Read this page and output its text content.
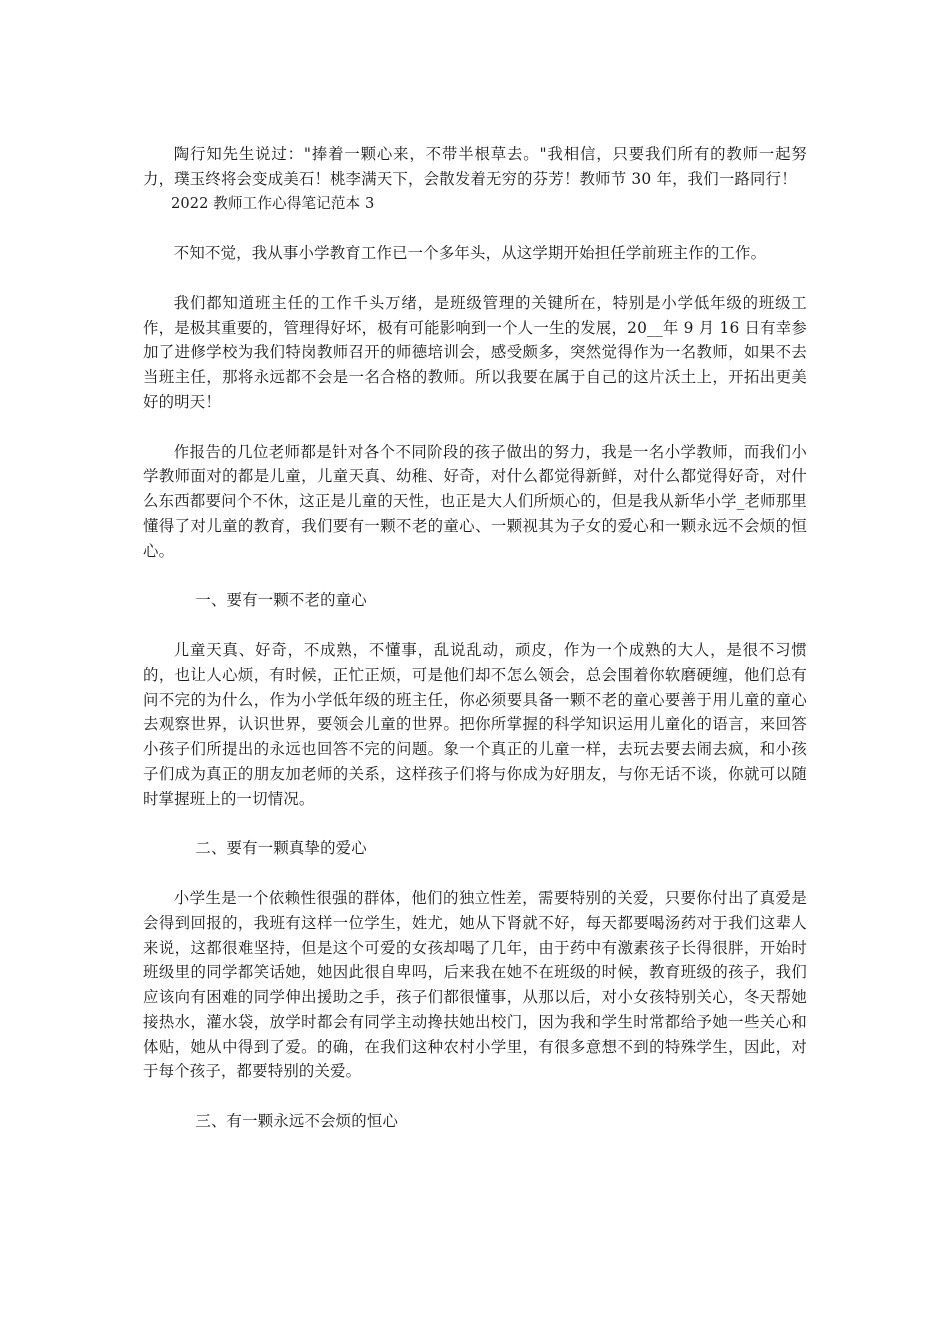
陶行知先生说过："捧着一颗心来，不带半根草去。"我相信，只要我们所有的教师一起努力，璞玉终将会变成美石！桃李满天下，会散发着无穷的芬芳！教师节 30 年，我们一路同行！

2022 教师工作心得笔记范本 3

不知不觉，我从事小学教育工作已一个多年头，从这学期开始担任学前班主作的工作。

我们都知道班主任的工作千头万绪，是班级管理的关键所在，特别是小学低年级的班级工作，是极其重要的，管理得好坏，极有可能影响到一个人一生的发展，20__年 9 月 16 日有幸参加了进修学校为我们特岗教师召开的师德培训会，感受颇多，突然觉得作为一名教师，如果不去当班主任，那将永远都不会是一名合格的教师。所以我要在属于自己的这片沃土上，开拓出更美好的明天！

作报告的几位老师都是针对各个不同阶段的孩子做出的努力，我是一名小学教师，而我们小学教师面对的都是儿童，儿童天真、幼稚、好奇，对什么都觉得新鲜，对什么都觉得好奇，对什么东西都要问个不休，这正是儿童的天性，也正是大人们所烦心的，但是我从新华小学_老师那里懂得了对儿童的教育，我们要有一颗不老的童心、一颗视其为子女的爱心和一颗永远不会烦的恒心。

一、要有一颗不老的童心

儿童天真、好奇，不成熟，不懂事，乱说乱动，顽皮，作为一个成熟的大人，是很不习惯的，也让人心烦，有时候，正忙正烦，可是他们却不怎么领会，总会围着你软磨硬缠，他们总有问不完的为什么，作为小学低年级的班主任，你必须要具备一颗不老的童心要善于用儿童的童心去观察世界，认识世界，要领会儿童的世界。把你所掌握的科学知识运用儿童化的语言，来回答小孩子们所提出的永远也回答不完的问题。象一个真正的儿童一样，去玩去要去闹去疯，和小孩子们成为真正的朋友加老师的关系，这样孩子们将与你成为好朋友，与你无话不谈，你就可以随时掌握班上的一切情况。

二、要有一颗真挚的爱心

小学生是一个依赖性很强的群体，他们的独立性差，需要特别的关爱，只要你付出了真爱是会得到回报的，我班有这样一位学生，姓尤，她从下肾就不好，每天都要喝汤药对于我们这辈人来说，这都很难坚持，但是这个可爱的女孩却喝了几年，由于药中有激素孩子长得很胖，开始时班级里的同学都笑话她，她因此很自卑吗，后来我在她不在班级的时候，教育班级的孩子，我们应该向有困难的同学伸出援助之手，孩子们都很懂事，从那以后，对小女孩特别关心，冬天帮她接热水，灌水袋，放学时都会有同学主动搀扶她出校门，因为我和学生时常都给予她一些关心和体贴，她从中得到了爱。的确，在我们这种农村小学里，有很多意想不到的特殊学生，因此，对于每个孩子，都要特别的关爱。

三、有一颗永远不会烦的恒心
